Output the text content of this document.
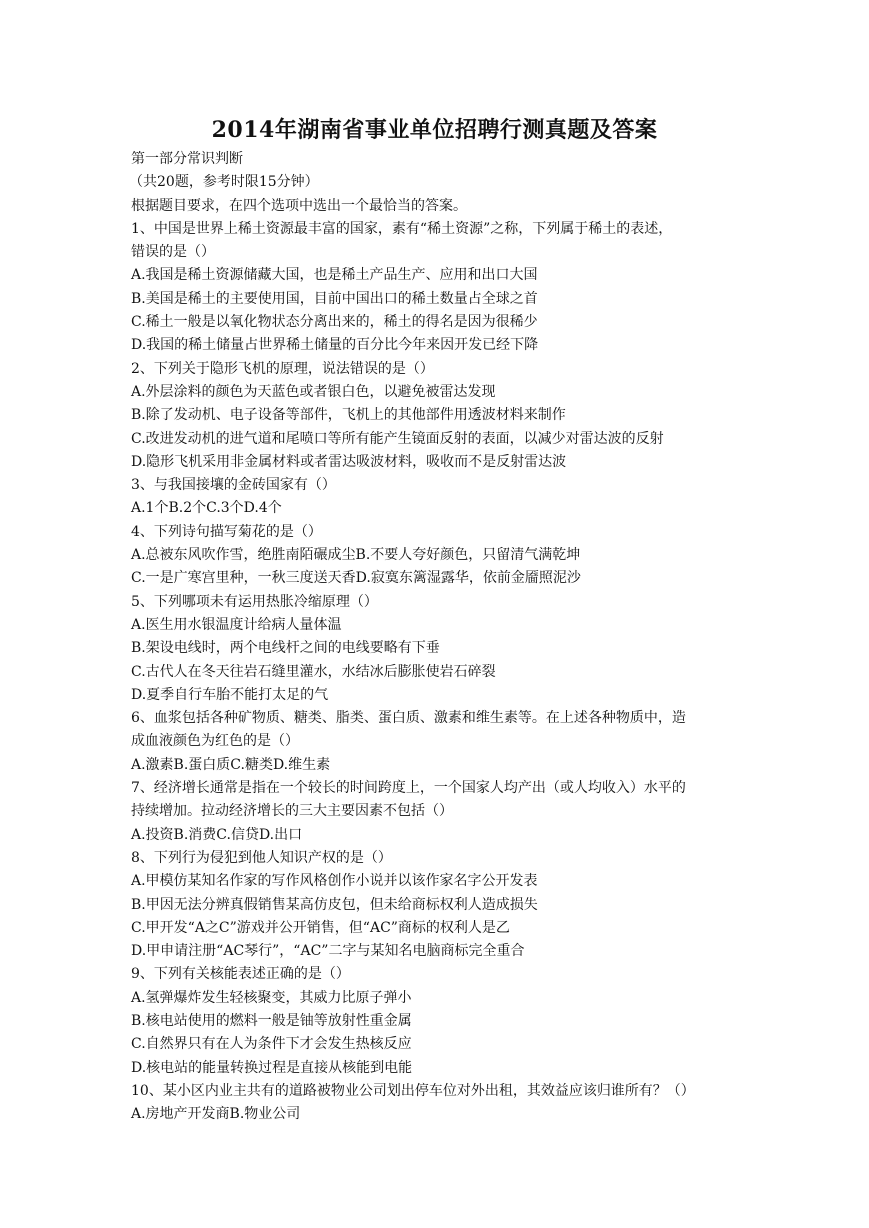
2014年湖南省事业单位招聘行测真题及答案
第一部分常识判断
（共20题，参考时限15分钟）
根据题目要求，在四个选项中选出一个最恰当的答案。
1、中国是世界上稀土资源最丰富的国家，素有“稀土资源”之称，下列属于稀土的表述，
错误的是（）
A.我国是稀土资源储藏大国，也是稀土产品生产、应用和出口大国
B.美国是稀土的主要使用国，目前中国出口的稀土数量占全球之首
C.稀土一般是以氧化物状态分离出来的，稀土的得名是因为很稀少
D.我国的稀土储量占世界稀土储量的百分比今年来因开发已经下降
2、下列关于隐形飞机的原理，说法错误的是（）
A.外层涂料的颜色为天蓝色或者银白色，以避免被雷达发现
B.除了发动机、电子设备等部件，飞机上的其他部件用透波材料来制作
C.改进发动机的进气道和尾喷口等所有能产生镜面反射的表面，以减少对雷达波的反射
D.隐形飞机采用非金属材料或者雷达吸波材料，吸收而不是反射雷达波
3、与我国接壤的金砖国家有（）
A.1个B.2个C.3个D.4个
4、下列诗句描写菊花的是（）
A.总被东风吹作雪，绝胜南陌碾成尘B.不要人夸好颜色，只留清气满乾坤
C.一是广寒宫里种，一秋三度送天香D.寂寞东篱湿露华，依前金靥照泥沙
5、下列哪项未有运用热胀冷缩原理（）
A.医生用水银温度计给病人量体温
B.架设电线时，两个电线杆之间的电线要略有下垂
C.古代人在冬天往岩石缝里灌水，水结冰后膨胀使岩石碎裂
D.夏季自行车胎不能打太足的气
6、血浆包括各种矿物质、糖类、脂类、蛋白质、激素和维生素等。在上述各种物质中，造
成血液颜色为红色的是（）
A.激素B.蛋白质C.糖类D.维生素
7、经济增长通常是指在一个较长的时间跨度上，一个国家人均产出（或人均收入）水平的
持续增加。拉动经济增长的三大主要因素不包括（）
A.投资B.消费C.信贷D.出口
8、下列行为侵犯到他人知识产权的是（）
A.甲模仿某知名作家的写作风格创作小说并以该作家名字公开发表
B.甲因无法分辨真假销售某高仿皮包，但未给商标权利人造成损失
C.甲开发“A之C”游戏并公开销售，但“AC”商标的权利人是乙
D.甲申请注册“AC琴行”，“AC”二字与某知名电脑商标完全重合
9、下列有关核能表述正确的是（）
A.氢弹爆炸发生轻核聚变，其威力比原子弹小
B.核电站使用的燃料一般是铀等放射性重金属
C.自然界只有在人为条件下才会发生热核反应
D.核电站的能量转换过程是直接从核能到电能
10、某小区内业主共有的道路被物业公司划出停车位对外出租，其效益应该归谁所有？（）
A.房地产开发商B.物业公司
